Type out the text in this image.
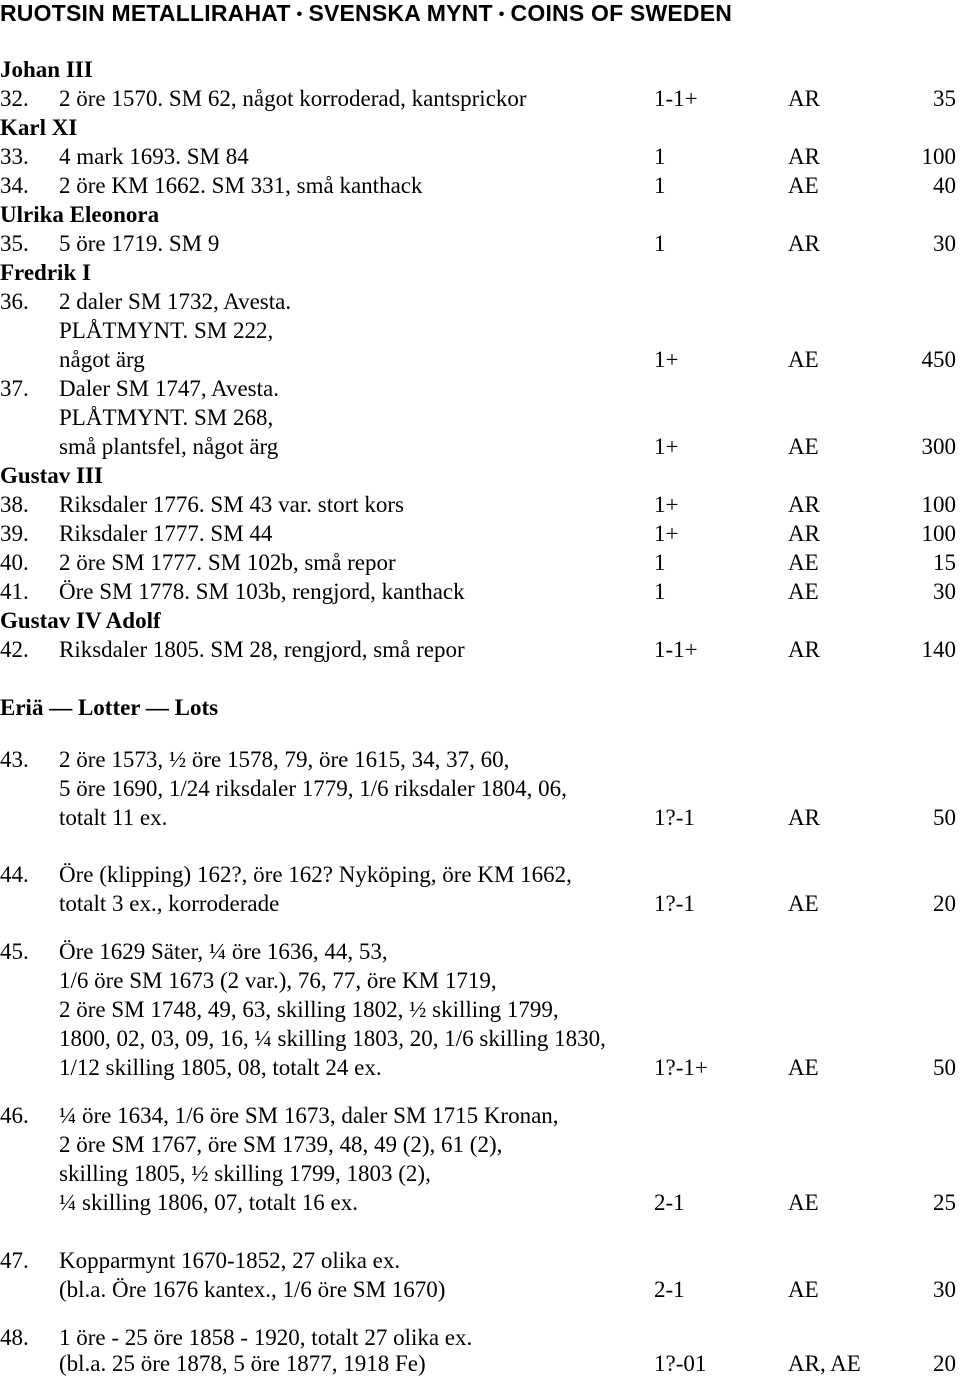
RUOTSIN METALLIRAHAT • SVENSKA MYNT • COINS OF SWEDEN
Johan III
32. 2 öre 1570. SM 62, något korroderad, kantsprickor	1-1+	AR	35
Karl XI
33. 4 mark 1693. SM 84	1	AR	100
34. 2 öre KM 1662. SM 331, små kanthack	1	AE	40
Ulrika Eleonora
35. 5 öre 1719. SM 9	1	AR	30
Fredrik I
36. 2 daler SM 1732, Avesta.
PLÅTMYNT. SM 222,
något ärg	1+	AE	450
37. Daler SM 1747, Avesta.
PLÅTMYNT. SM 268,
små plantsfel, något ärg	1+	AE	300
Gustav III
38. Riksdaler 1776. SM 43 var. stort kors	1+	AR	100
39. Riksdaler 1777. SM 44	1+	AR	100
40. 2 öre SM 1777. SM 102b, små repor	1	AE	15
41. Öre SM 1778. SM 103b, rengjord, kanthack	1	AE	30
Gustav IV Adolf
42. Riksdaler 1805. SM 28, rengjord, små repor	1-1+	AR	140
Eriä — Lotter — Lots
43. 2 öre 1573, ½ öre 1578, 79, öre 1615, 34, 37, 60,
5 öre 1690, 1/24 riksdaler 1779, 1/6 riksdaler 1804, 06,
totalt 11 ex.	1?-1	AR	50
44. Öre (klipping) 162?, öre 162? Nyköping, öre KM 1662,
totalt 3 ex., korroderade	1?-1	AE	20
45. Öre 1629 Säter, ¼ öre 1636, 44, 53,
1/6 öre SM 1673 (2 var.), 76, 77, öre KM 1719,
2 öre SM 1748, 49, 63, skilling 1802, ½ skilling 1799,
1800, 02, 03, 09, 16, ¼ skilling 1803, 20, 1/6 skilling 1830,
1/12 skilling 1805, 08, totalt 24 ex.	1?-1+	AE	50
46. ¼ öre 1634, 1/6 öre SM 1673, daler SM 1715 Kronan,
2 öre SM 1767, öre SM 1739, 48, 49 (2), 61 (2),
skilling 1805, ½ skilling 1799, 1803 (2),
¼ skilling 1806, 07, totalt 16 ex.	2-1	AE	25
47. Kopparmynt 1670-1852, 27 olika ex.
(bl.a. Öre 1676 kantex., 1/6 öre SM 1670)	2-1	AE	30
48. 1 öre - 25 öre 1858 - 1920, totalt 27 olika ex.
(bl.a. 25 öre 1878, 5 öre 1877, 1918 Fe)	1?-01	AR, AE	20
